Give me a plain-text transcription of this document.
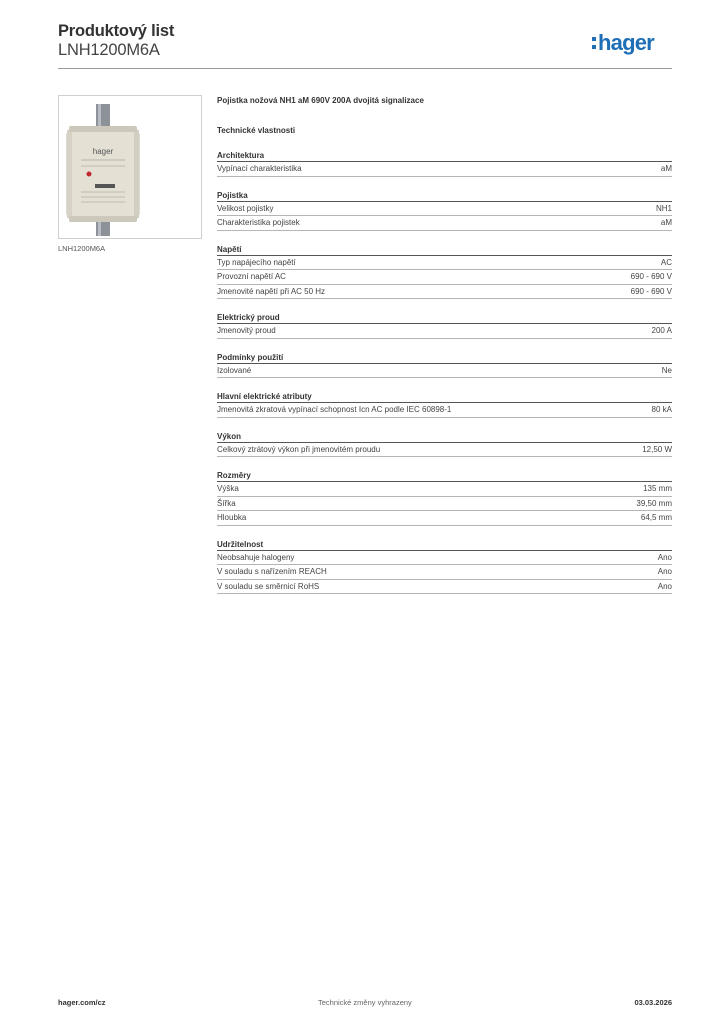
Produktový list
LNH1200M6A	hager
hager
LNH1200M6A
Pojistka nožová NH1 aM 690V 200A dvojitá signalizace
Technické vlastnosti
Architektura
Vypínací charakteristika	aM
Pojistka
Velikost pojistky	NH1
Charakteristika pojistek	aM
Napětí
Typ napájecího napětí	AC
Provozní napětí AC	690 - 690 V
Jmenovité napětí při AC 50 Hz	690 - 690 V
Elektrický proud
Jmenovitý proud	200 A
Podmínky použití
Izolované	Ne
Hlavní elektrické atributy
Jmenovitá zkratová vypínací schopnost Icn AC podle IEC 60898-1	80 kA
Výkon
Celkový ztrátový výkon při jmenovitém proudu	12,50 W
Rozměry
Výška	135 mm
Šířka	39,50 mm
Hloubka	64,5 mm
Udržitelnost
Neobsahuje halogeny	Ano
V souladu s nařízením REACH	Ano
V souladu se směrnicí RoHS	Ano
hager.com/cz	Technické změny vyhrazeny	03.03.2026
